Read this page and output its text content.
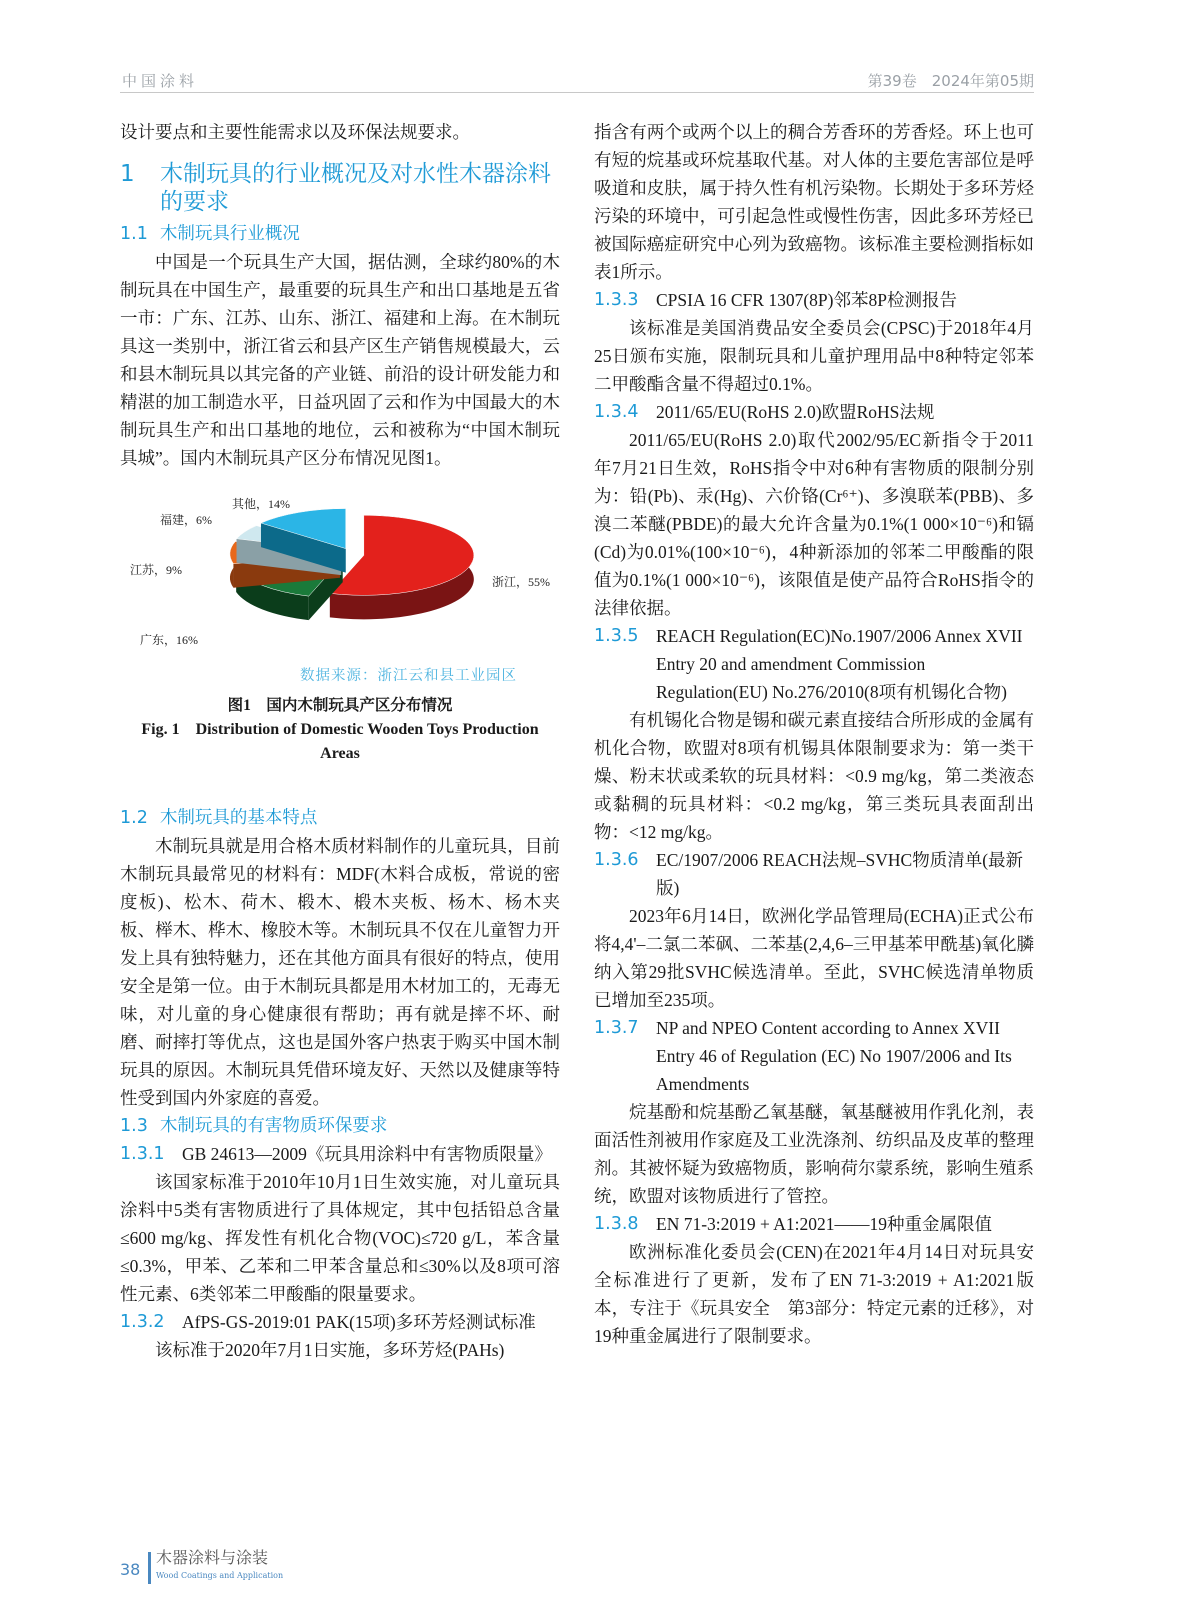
中国涂料	第39卷　2024年第05期

设计要点和主要性能需求以及环保法规要求。

1	木制玩具的行业概况及对水性木器涂料的要求
1.1 木制玩具行业概况

中国是一个玩具生产大国，据估测，全球约80%的木制玩具在中国生产，最重要的玩具生产和出口基地是五省一市：广东、江苏、山东、浙江、福建和上海。在木制玩具这一类别中，浙江省云和县产区生产销售规模最大，云和县木制玩具以其完备的产业链、前沿的设计研发能力和精湛的加工制造水平，日益巩固了云和作为中国最大的木制玩具生产和出口基地的地位，云和被称为“中国木制玩具城”。国内木制玩具产区分布情况见图1。

浙江，55%
广东，16%
江苏，9%
福建，6%
其他，14%
数据来源：浙江云和县工业园区
图1　国内木制玩具产区分布情况
Fig. 1　Distribution of Domestic Wooden Toys Production Areas
1.2 木制玩具的基本特点

木制玩具就是用合格木质材料制作的儿童玩具，目前木制玩具最常见的材料有：MDF(木料合成板，常说的密度板)、松木、荷木、椴木、椴木夹板、杨木、杨木夹板、榉木、桦木、橡胶木等。木制玩具不仅在儿童智力开发上具有独特魅力，还在其他方面具有很好的特点，使用安全是第一位。由于木制玩具都是用木材加工的，无毒无味，对儿童的身心健康很有帮助；再有就是摔不坏、耐磨、耐摔打等优点，这也是国外客户热衷于购买中国木制玩具的原因。木制玩具凭借环境友好、天然以及健康等特性受到国内外家庭的喜爱。

1.3 木制玩具的有害物质环保要求
1.3.1 GB 24613—2009《玩具用涂料中有害物质限量》

该国家标准于2010年10月1日生效实施，对儿童玩具涂料中5类有害物质进行了具体规定，其中包括铅总含量≤600 mg/kg、挥发性有机化合物(VOC)≤720 g/L，苯含量≤0.3%，甲苯、乙苯和二甲苯含量总和≤30%以及8项可溶性元素、6类邻苯二甲酸酯的限量要求。

1.3.2 AfPS-GS-2019:01 PAK(15项)多环芳烃测试标准

该标准于2020年7月1日实施，多环芳烃(PAHs)

指含有两个或两个以上的稠合芳香环的芳香烃。环上也可有短的烷基或环烷基取代基。对人体的主要危害部位是呼吸道和皮肤，属于持久性有机污染物。长期处于多环芳烃污染的环境中，可引起急性或慢性伤害，因此多环芳烃已被国际癌症研究中心列为致癌物。该标准主要检测指标如表1所示。

1.3.3 CPSIA 16 CFR 1307(8P)邻苯8P检测报告

该标准是美国消费品安全委员会(CPSC)于2018年4月25日颁布实施，限制玩具和儿童护理用品中8种特定邻苯二甲酸酯含量不得超过0.1%。

1.3.4 2011/65/EU(RoHS 2.0)欧盟RoHS法规

2011/65/EU(RoHS 2.0)取代2002/95/EC新指令于2011年7月21日生效，RoHS指令中对6种有害物质的限制分别为：铅(Pb)、汞(Hg)、六价铬(Cr⁶⁺)、多溴联苯(PBB)、多溴二苯醚(PBDE)的最大允许含量为0.1%(1 000×10⁻⁶)和镉(Cd)为0.01%(100×10⁻⁶)，4种新添加的邻苯二甲酸酯的限值为0.1%(1 000×10⁻⁶)，该限值是使产品符合RoHS指令的法律依据。

1.3.5 REACH Regulation(EC)No.1907/2006 Annex XVII Entry 20 and amendment Commission Regulation(EU) No.276/2010(8项有机锡化合物)

有机锡化合物是锡和碳元素直接结合所形成的金属有机化合物，欧盟对8项有机锡具体限制要求为：第一类干燥、粉末状或柔软的玩具材料：<0.9 mg/kg，第二类液态或黏稠的玩具材料：<0.2 mg/kg，第三类玩具表面刮出物：<12 mg/kg。

1.3.6 EC/1907/2006 REACH法规–SVHC物质清单(最新版)

2023年6月14日，欧洲化学品管理局(ECHA)正式公布将4,4'–二氯二苯砜、二苯基(2,4,6–三甲基苯甲酰基)氧化膦纳入第29批SVHC候选清单。至此，SVHC候选清单物质已增加至235项。

1.3.7 NP and NPEO Content according to Annex XVII Entry 46 of Regulation (EC) No 1907/2006 and Its Amendments

烷基酚和烷基酚乙氧基醚，氧基醚被用作乳化剂，表面活性剂被用作家庭及工业洗涤剂、纺织品及皮革的整理剂。其被怀疑为致癌物质，影响荷尔蒙系统，影响生殖系统，欧盟对该物质进行了管控。

1.3.8 EN 71-3:2019 + A1:2021——19种重金属限值

欧洲标准化委员会(CEN)在2021年4月14日对玩具安全标准进行了更新，发布了EN 71-3:2019 + A1:2021版本，专注于《玩具安全　第3部分：特定元素的迁移》，对19种重金属进行了限制要求。

38
木器涂料与涂装
Wood Coatings and Application
